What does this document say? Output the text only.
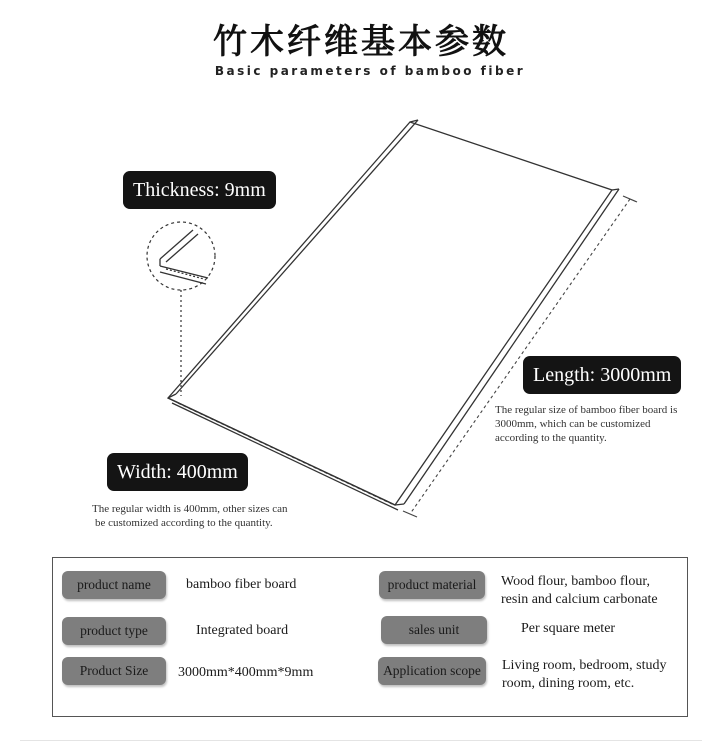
竹木纤维基本参数
Basic parameters of bamboo fiber
Thickness: 9mm
Length: 3000mm
The regular size of bamboo fiber board is
3000mm, which can be customized
according to the quantity.
Width: 400mm
The regular width is 400mm, other sizes can
be customized according to the quantity.
product name	bamboo fiber board	product material	Wood flour, bamboo flour,
resin and calcium carbonate
product type	Integrated board	sales unit	Per square meter
Product Size	3000mm*400mm*9mm	Application scope	Living room, bedroom, study
room, dining room, etc.
